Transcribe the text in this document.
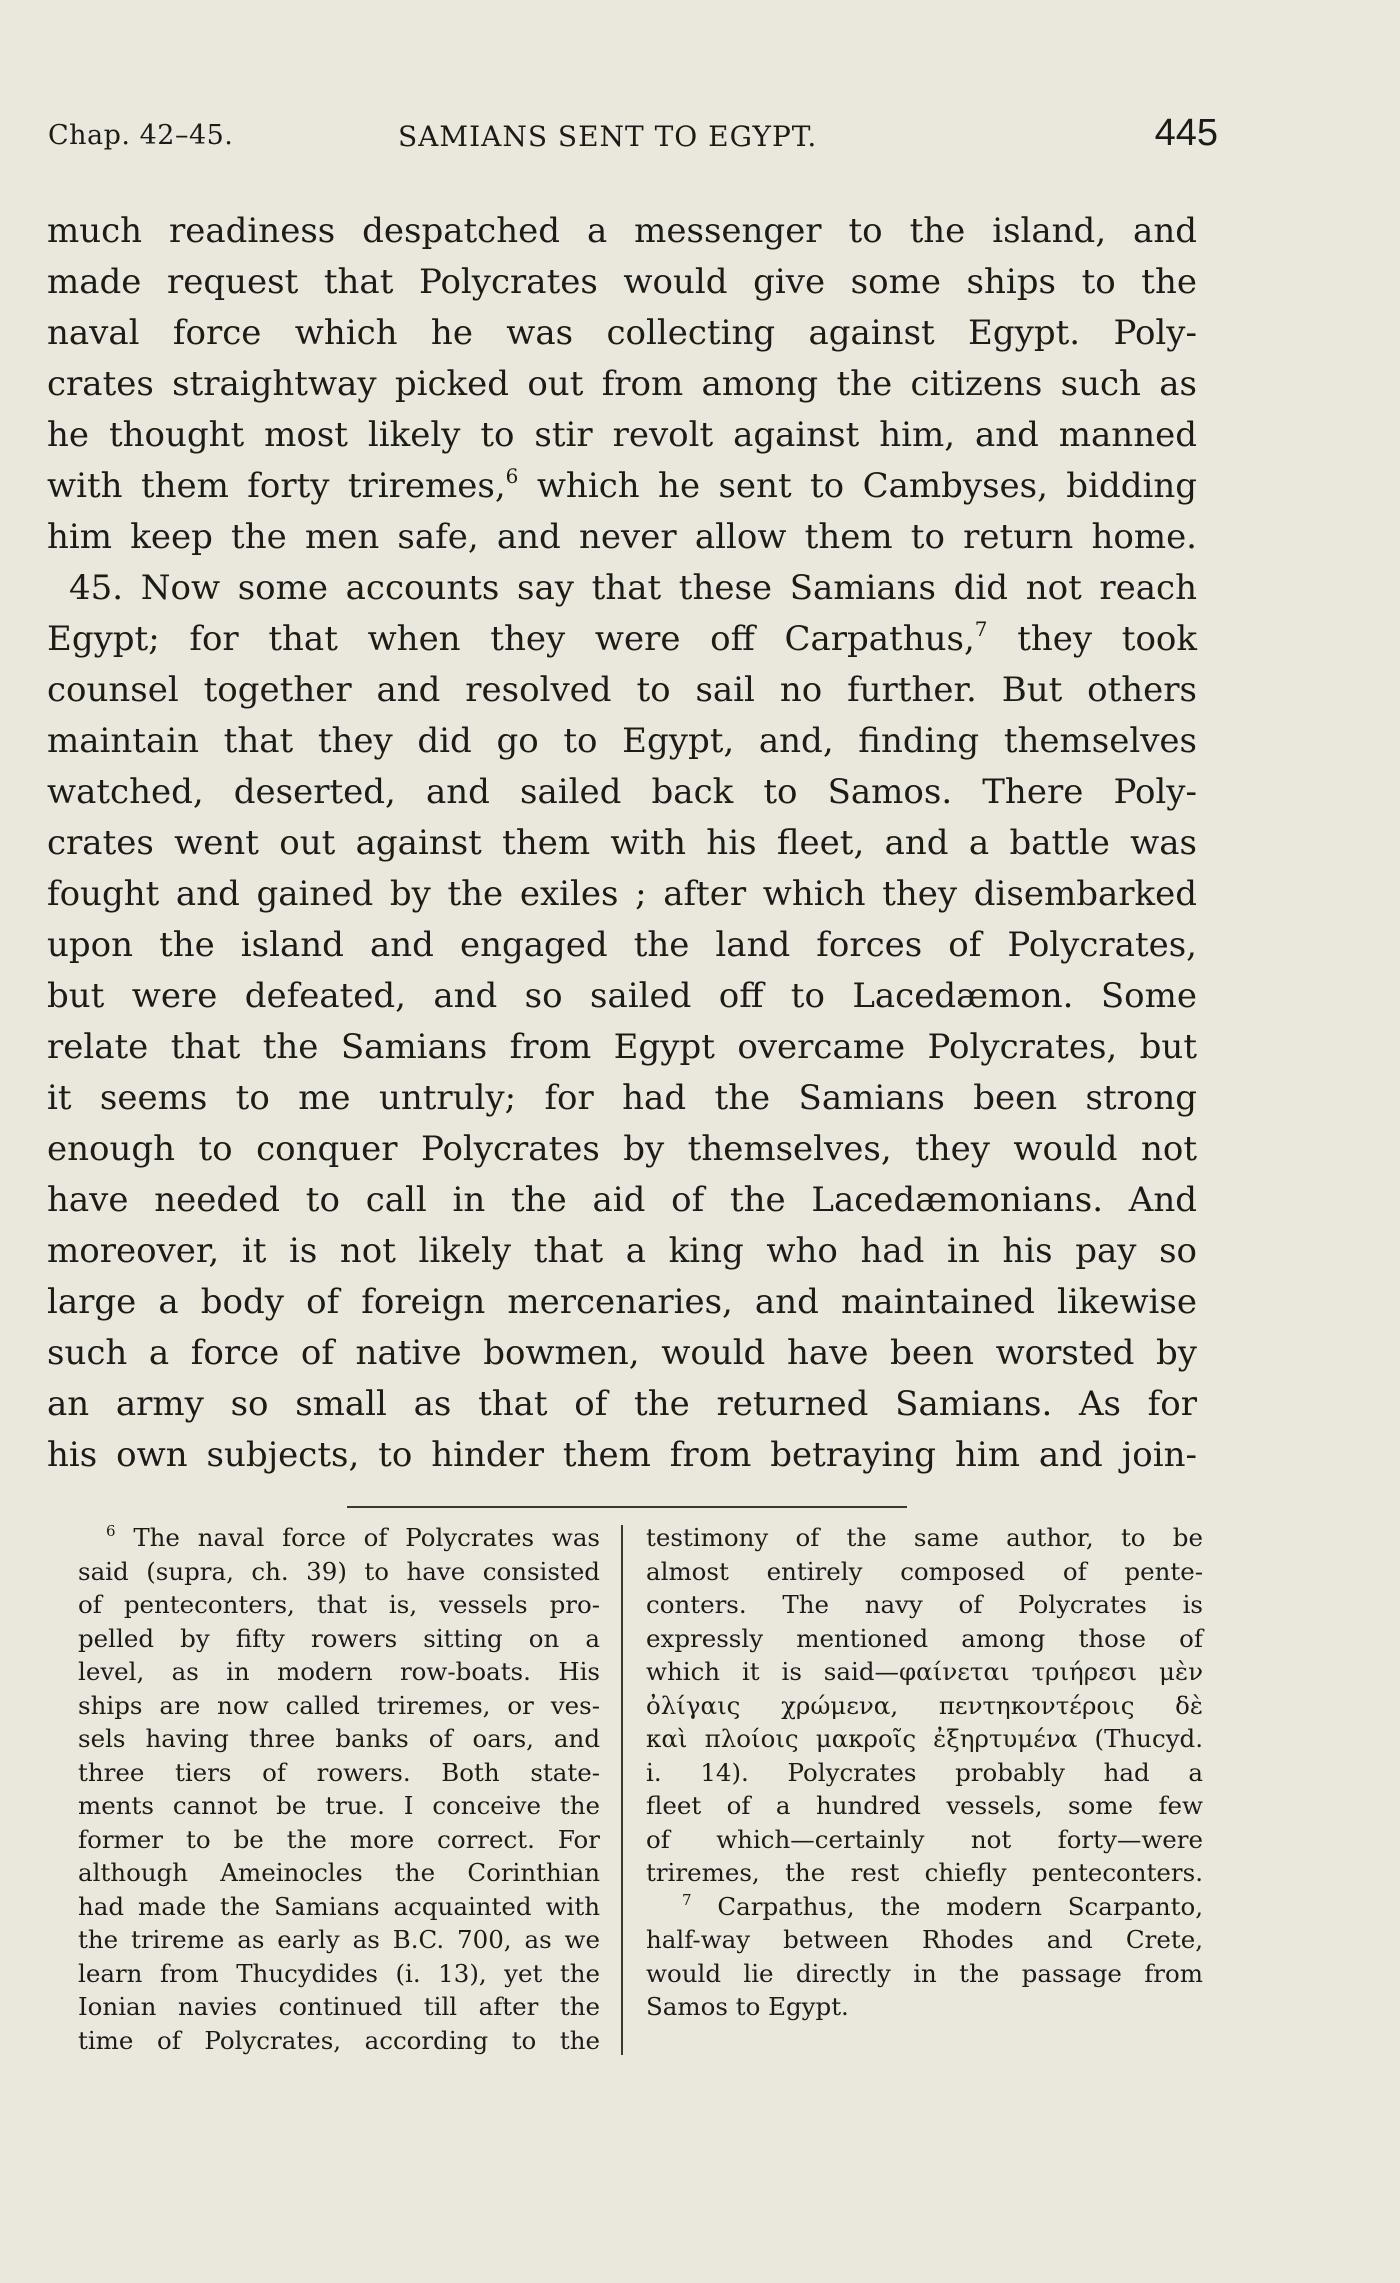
Chap. 42–45.	SAMIANS SENT TO EGYPT.	445
much readiness despatched a messenger to the island, and
made request that Polycrates would give some ships to the
naval force which he was collecting against Egypt. Poly-
crates straightway picked out from among the citizens such as
he thought most likely to stir revolt against him, and manned
with them forty triremes,$^6$ which he sent to Cambyses, bidding
him keep the men safe, and never allow them to return home.
45. Now some accounts say that these Samians did not reach
Egypt; for that when they were off Carpathus,$^7$ they took
counsel together and resolved to sail no further. But others
maintain that they did go to Egypt, and, finding themselves
watched, deserted, and sailed back to Samos. There Poly-
crates went out against them with his fleet, and a battle was
fought and gained by the exiles ; after which they disembarked
upon the island and engaged the land forces of Polycrates,
but were defeated, and so sailed off to Lacedæmon. Some
relate that the Samians from Egypt overcame Polycrates, but
it seems to me untruly; for had the Samians been strong
enough to conquer Polycrates by themselves, they would not
have needed to call in the aid of the Lacedæmonians. And
moreover, it is not likely that a king who had in his pay so
large a body of foreign mercenaries, and maintained likewise
such a force of native bowmen, would have been worsted by
an army so small as that of the returned Samians. As for
his own subjects, to hinder them from betraying him and join-
$^6$ The naval force of Polycrates was
said (supra, ch. 39) to have consisted
of penteconters, that is, vessels pro-
pelled by fifty rowers sitting on a
level, as in modern row-boats. His
ships are now called triremes, or ves-
sels having three banks of oars, and
three tiers of rowers. Both state-
ments cannot be true. I conceive the
former to be the more correct. For
although Ameinocles the Corinthian
had made the Samians acquainted with
the trireme as early as B.C. 700, as we
learn from Thucydides (i. 13), yet the
Ionian navies continued till after the
time of Polycrates, according to the
testimony of the same author, to be
almost entirely composed of pente-
conters. The navy of Polycrates is
expressly mentioned among those of
which it is said—φαίνεται τριήρεσι μὲν
ὀλίγαις χρώμενα, πεντηκοντέροις δὲ
καὶ πλοίοις μακροῖς ἐξηρτυμένα (Thucyd.
i. 14). Polycrates probably had a
fleet of a hundred vessels, some few
of which—certainly not forty—were
triremes, the rest chiefly penteconters.
$^7$ Carpathus, the modern Scarpanto,
half-way between Rhodes and Crete,
would lie directly in the passage from
Samos to Egypt.
